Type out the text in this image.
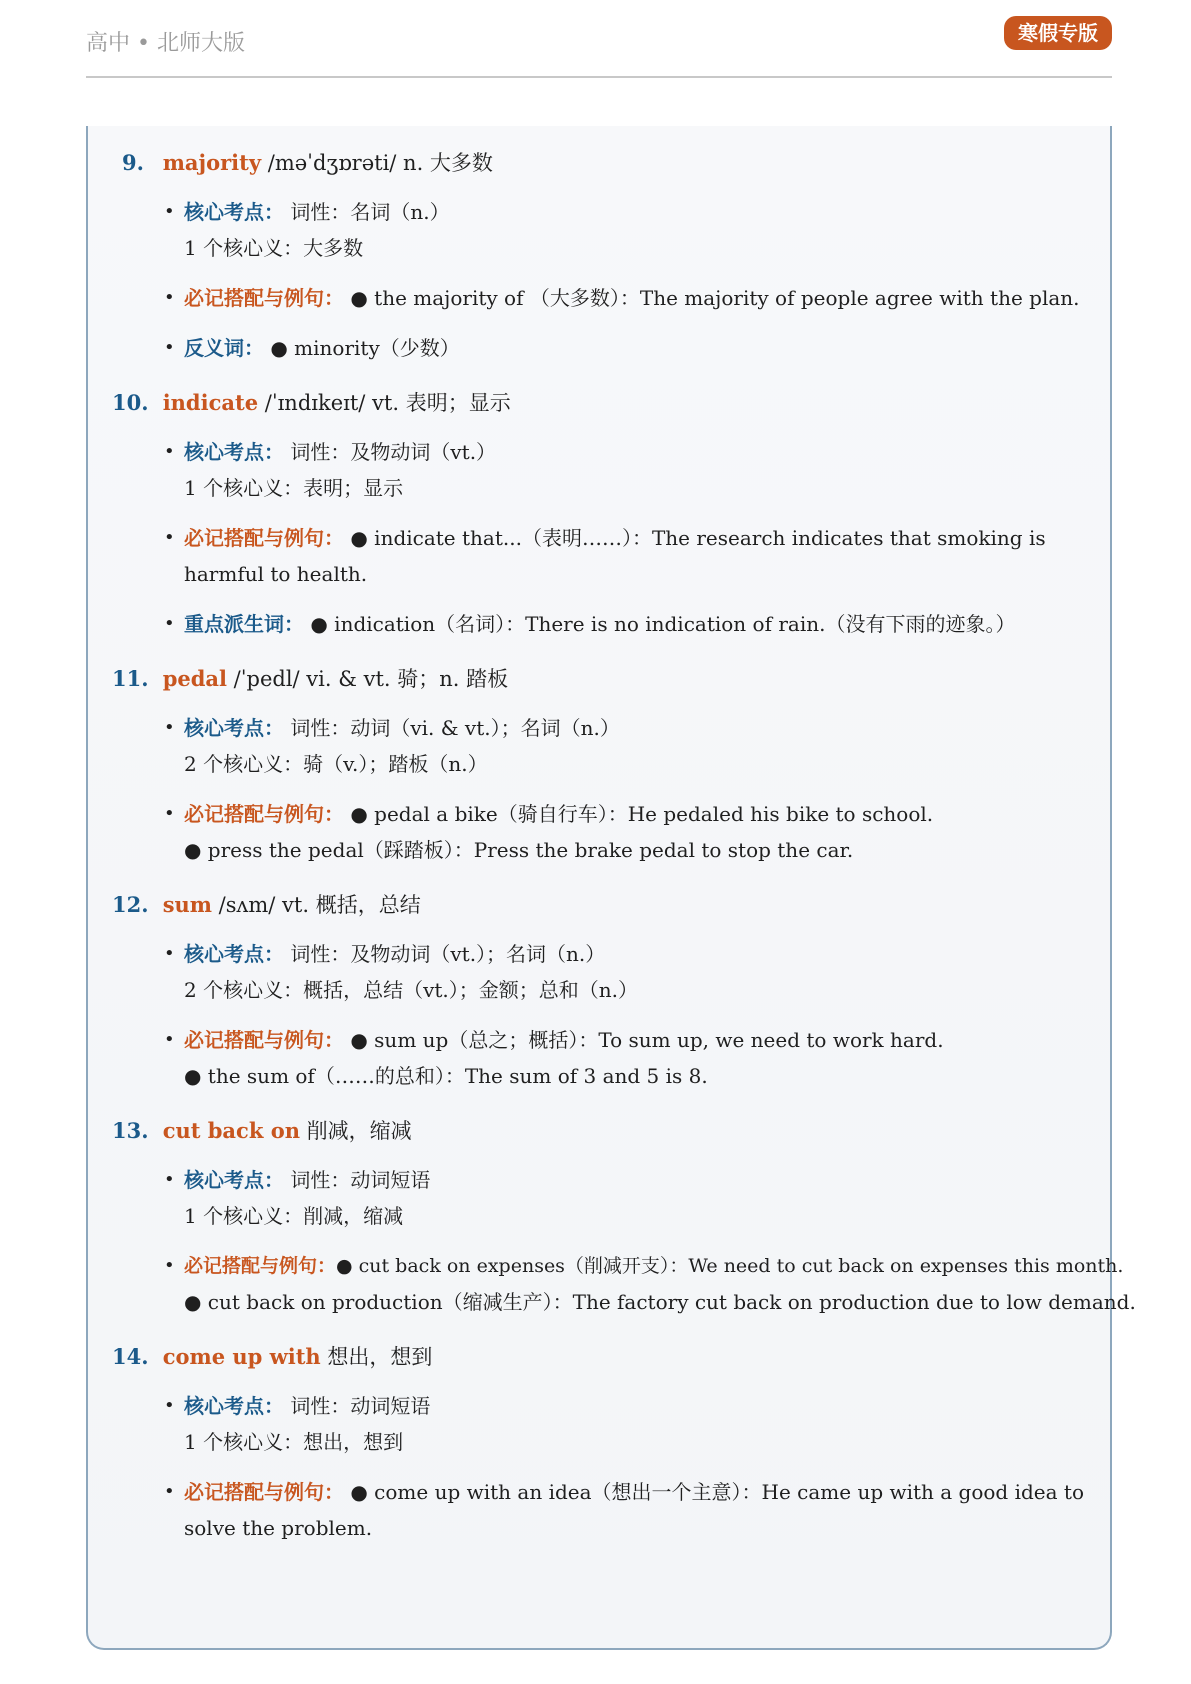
高中 • 北师大版	寒假专版
9. majority /məˈdʒɒrəti/ n. 大多数
• 核心考点： 词性：名词（n.）
1 个核心义：大多数
• 必记搭配与例句： ● the majority of （大多数）：The majority of people agree with the plan.
• 反义词： ● minority（少数）
10. indicate /ˈɪndɪkeɪt/ vt. 表明；显示
• 核心考点： 词性：及物动词（vt.）
1 个核心义：表明；显示
• 必记搭配与例句： ● indicate that...（表明……）：The research indicates that smoking is harmful to health.
• 重点派生词： ● indication（名词）：There is no indication of rain.（没有下雨的迹象。）
11. pedal /ˈpedl/ vi. & vt. 骑；n. 踏板
• 核心考点： 词性：动词（vi. & vt.）；名词（n.）
2 个核心义：骑（v.）；踏板（n.）
• 必记搭配与例句： ● pedal a bike（骑自行车）：He pedaled his bike to school.
● press the pedal（踩踏板）：Press the brake pedal to stop the car.
12. sum /sʌm/ vt. 概括，总结
• 核心考点： 词性：及物动词（vt.）；名词（n.）
2 个核心义：概括，总结（vt.）；金额；总和（n.）
• 必记搭配与例句： ● sum up（总之；概括）：To sum up, we need to work hard.
● the sum of（……的总和）：The sum of 3 and 5 is 8.
13. cut back on 削减，缩减
• 核心考点： 词性：动词短语
1 个核心义：削减，缩减
• 必记搭配与例句：● cut back on expenses（削减开支）：We need to cut back on expenses this month.
● cut back on production（缩减生产）：The factory cut back on production due to low demand.
14. come up with 想出，想到
• 核心考点： 词性：动词短语
1 个核心义：想出，想到
• 必记搭配与例句： ● come up with an idea（想出一个主意）：He came up with a good idea to solve the problem.
